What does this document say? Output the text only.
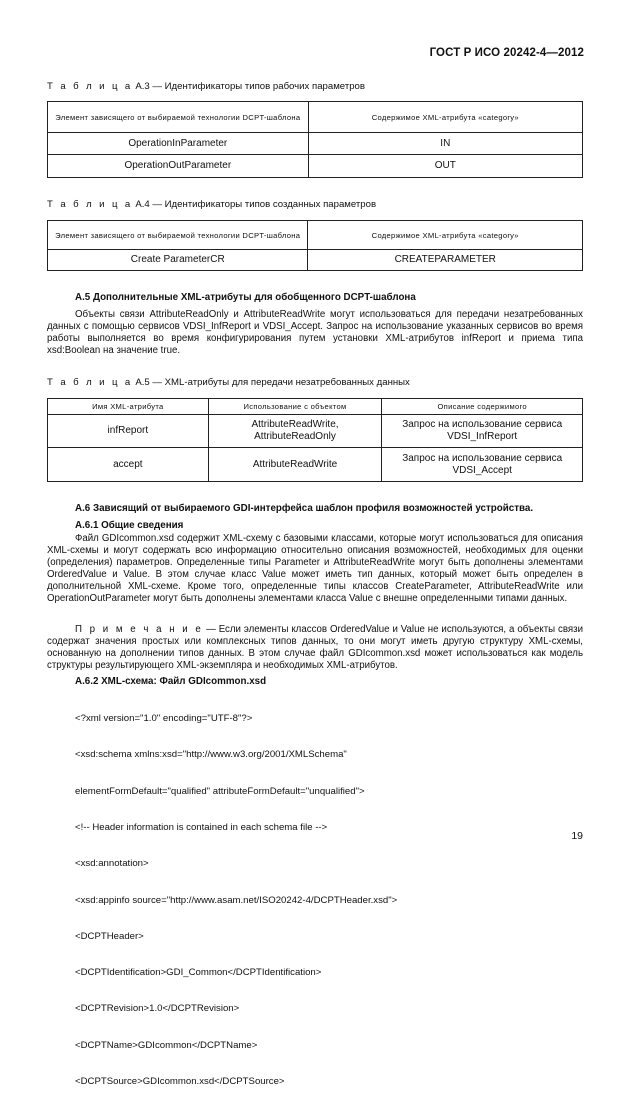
ГОСТ Р ИСО 20242-4—2012
Т а б л и ц а А.3 — Идентификаторы типов рабочих параметров
Элемент зависящего от выбираемой технологии DCPT-шаблона	Содержимое XML-атрибута «category»
OperationInParameter	IN
OperationOutParameter	OUT
Т а б л и ц а А.4 — Идентификаторы типов созданных параметров
Элемент зависящего от выбираемой технологии DCPT-шаблона	Содержимое XML-атрибута «category»
Create ParameterCR	CREATEPARAMETER
А.5 Дополнительные XML-атрибуты для обобщенного DCPT-шаблона
Объекты связи AttributeReadOnly и AttributeReadWrite могут использоваться для передачи незатребованных данных с помощью сервисов VDSI_InfReport и VDSI_Accept. Запрос на использование указанных сервисов во время работы выполняется во время конфигурирования путем установки XML-атрибутов infReport и приема типа xsd:Boolean на значение true.
Т а б л и ц а А.5 — XML-атрибуты для передачи незатребованных данных
Имя XML-атрибута	Использование с объектом	Описание содержимого
infReport	AttributeReadWrite, AttributeReadOnly	Запрос на использование сервиса VDSI_InfReport
accept	AttributeReadWrite	Запрос на использование сервиса VDSI_Accept
А.6 Зависящий от выбираемого GDI-интерфейса шаблон профиля возможностей устройства.
А.6.1 Общие сведения
Файл GDIcommon.xsd содержит XML-схему с базовыми классами, которые могут использоваться для описания XML-схемы и могут содержать всю информацию относительно описания возможностей, необходимых для оценки (определения) параметров. Определенные типы Parameter и AttributeReadWrite могут быть дополнены элементами OrderedValue и Value. В этом случае класс Value может иметь тип данных, который может быть определен в дополнительной XML-схеме. Кроме того, определенные типы классов CreateParameter, AttributeReadWrite или OperationOutParameter могут быть дополнены элементами класса Value с внешне определенными типами данных.
П р и м е ч а н и е — Если элементы классов OrderedValue и Value не используются, а объекты связи содержат значения простых или комплексных типов данных, то они могут иметь другую структуру XML-схемы, основанную на дополнении типов данных. В этом случае файл GDIcommon.xsd может использоваться как модель структуры результирующего XML-экземпляра и необходимых XML-атрибутов.
А.6.2 XML-схема: Файл GDIcommon.xsd

<?xml version="1.0" encoding="UTF-8"?>

<xsd:schema xmlns:xsd="http://www.w3.org/2001/XMLSchema"

elementFormDefault="qualified" attributeFormDefault="unqualified">

<!-- Header information is contained in each schema file -->

<xsd:annotation>

<xsd:appinfo source="http://www.asam.net/ISO20242-4/DCPTHeader.xsd">

<DCPTHeader>

<DCPTIdentification>GDI_Common</DCPTIdentification>

<DCPTRevision>1.0</DCPTRevision>

<DCPTName>GDIcommon</DCPTName>

<DCPTSource>GDIcommon.xsd</DCPTSource>

19
